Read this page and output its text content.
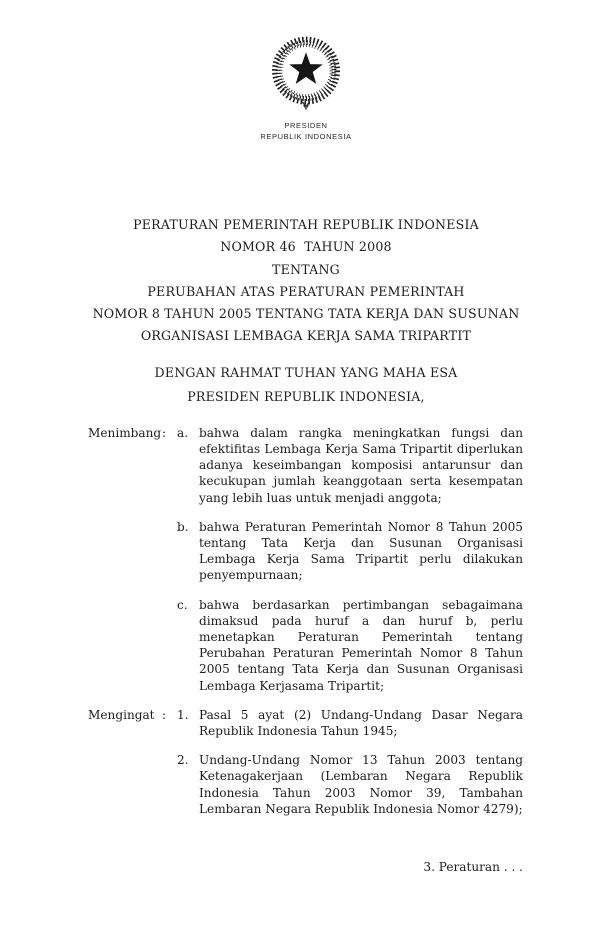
PRESIDEN
REPUBLIK INDONESIA
PERATURAN PEMERINTAH REPUBLIK INDONESIA
NOMOR 46  TAHUN 2008
TENTANG
PERUBAHAN ATAS PERATURAN PEMERINTAH
NOMOR 8 TAHUN 2005 TENTANG TATA KERJA DAN SUSUNAN
ORGANISASI LEMBAGA KERJA SAMA TRIPARTIT
DENGAN RAHMAT TUHAN YANG MAHA ESA
PRESIDEN REPUBLIK INDONESIA,
Menimbang : a. bahwa dalam rangka meningkatkan fungsi dan efektifitas Lembaga Kerja Sama Tripartit diperlukan adanya keseimbangan komposisi antarunsur dan kecukupan jumlah keanggotaan serta kesempatan yang lebih luas untuk menjadi anggota;
b. bahwa Peraturan Pemerintah Nomor 8 Tahun 2005 tentang Tata Kerja dan Susunan Organisasi Lembaga Kerja Sama Tripartit perlu dilakukan penyempurnaan;
c. bahwa berdasarkan pertimbangan sebagaimana dimaksud pada huruf a dan huruf b, perlu menetapkan Peraturan Pemerintah tentang Perubahan Peraturan Pemerintah Nomor 8 Tahun 2005 tentang Tata Kerja dan Susunan Organisasi Lembaga Kerjasama Tripartit;
Mengingat : 1. Pasal 5 ayat (2) Undang-Undang Dasar Negara Republik Indonesia Tahun 1945;
2. Undang-Undang Nomor 13 Tahun 2003 tentang Ketenagakerjaan (Lembaran Negara Republik Indonesia Tahun 2003 Nomor 39, Tambahan Lembaran Negara Republik Indonesia Nomor 4279);
3. Peraturan . . .
